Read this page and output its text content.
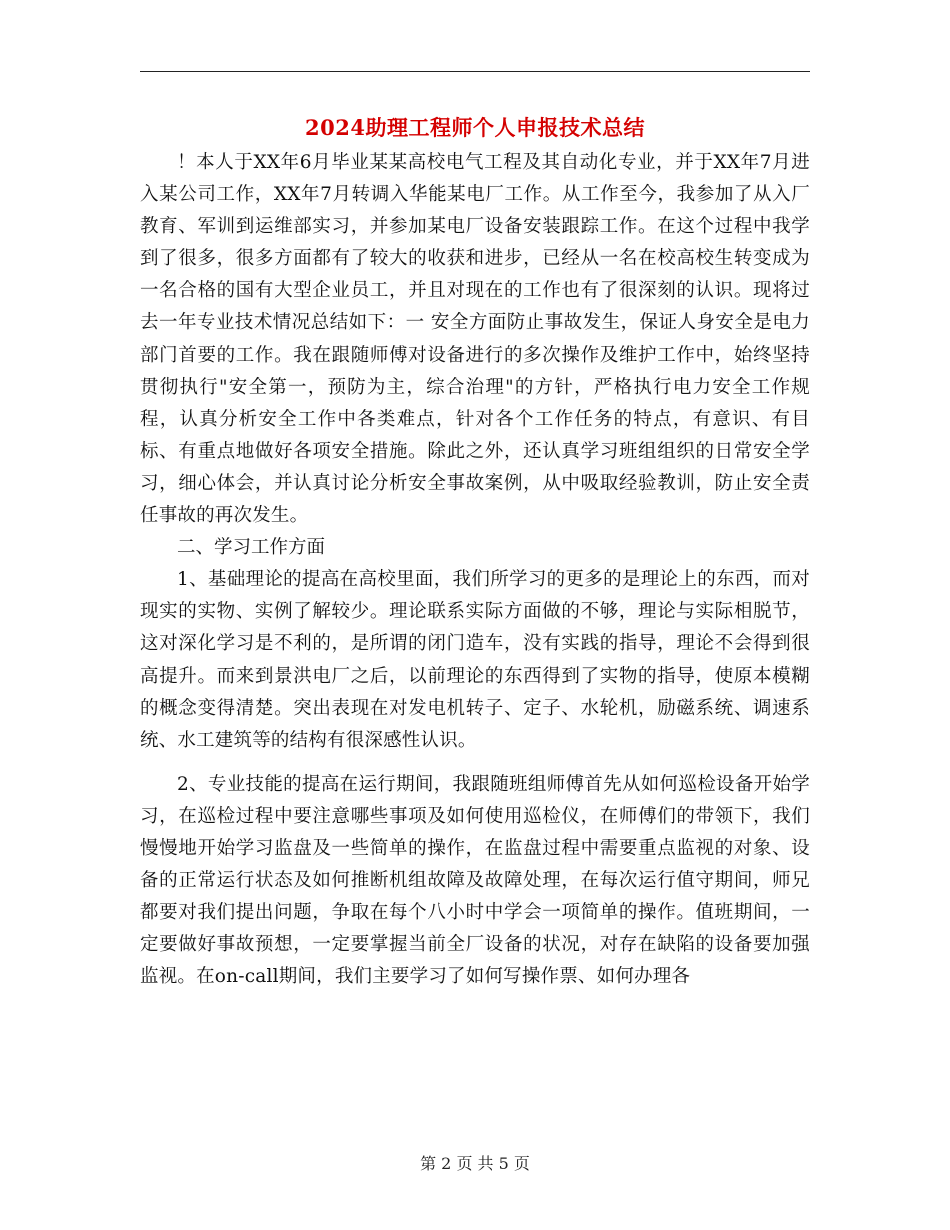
2024助理工程师个人申报技术总结

！本人于XX年6月毕业某某高校电气工程及其自动化专业，并于XX年7月进入某公司工作，XX年7月转调入华能某电厂工作。从工作至今，我参加了从入厂教育、军训到运维部实习，并参加某电厂设备安装跟踪工作。在这个过程中我学到了很多，很多方面都有了较大的收获和进步，已经从一名在校高校生转变成为一名合格的国有大型企业员工，并且对现在的工作也有了很深刻的认识。现将过去一年专业技术情况总结如下：一 安全方面防止事故发生，保证人身安全是电力部门首要的工作。我在跟随师傅对设备进行的多次操作及维护工作中，始终坚持贯彻执行"安全第一，预防为主，综合治理"的方针，严格执行电力安全工作规程，认真分析安全工作中各类难点，针对各个工作任务的特点，有意识、有目标、有重点地做好各项安全措施。除此之外，还认真学习班组组织的日常安全学习，细心体会，并认真讨论分析安全事故案例，从中吸取经验教训，防止安全责任事故的再次发生。

二、学习工作方面

1、基础理论的提高在高校里面，我们所学习的更多的是理论上的东西，而对现实的实物、实例了解较少。理论联系实际方面做的不够，理论与实际相脱节，这对深化学习是不利的，是所谓的闭门造车，没有实践的指导，理论不会得到很高提升。而来到景洪电厂之后，以前理论的东西得到了实物的指导，使原本模糊的概念变得清楚。突出表现在对发电机转子、定子、水轮机，励磁系统、调速系统、水工建筑等的结构有很深感性认识。

2、专业技能的提高在运行期间，我跟随班组师傅首先从如何巡检设备开始学习，在巡检过程中要注意哪些事项及如何使用巡检仪，在师傅们的带领下，我们慢慢地开始学习监盘及一些简单的操作，在监盘过程中需要重点监视的对象、设备的正常运行状态及如何推断机组故障及故障处理，在每次运行值守期间，师兄都要对我们提出问题，争取在每个八小时中学会一项简单的操作。值班期间，一定要做好事故预想，一定要掌握当前全厂设备的状况，对存在缺陷的设备要加强监视。在on-call期间，我们主要学习了如何写操作票、如何办理各

第 2 页 共 5 页
